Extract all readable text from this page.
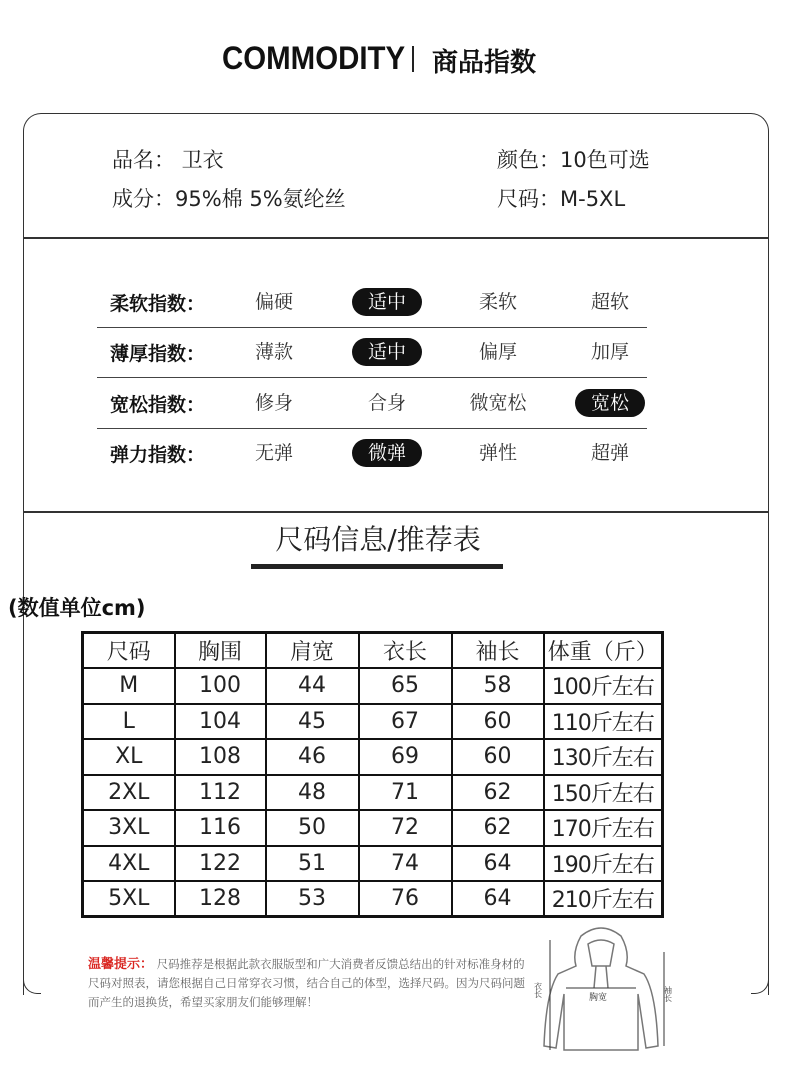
COMMODITY 商品指数
品名： 卫衣	颜色：10色可选
成分：95%棉 5%氨纶丝	尺码：M-5XL
柔软指数：	偏硬	适中	柔软	超软
薄厚指数：	薄款	适中	偏厚	加厚
宽松指数：	修身	合身	微宽松	宽松
弹力指数：	无弹	微弹	弹性	超弹
尺码信息/推荐表
(数值单位cm)
尺码	胸围	肩宽	衣长	袖长	体重（斤）
M	100	44	65	58	100斤左右
L	104	45	67	60	110斤左右
XL	108	46	69	60	130斤左右
2XL	112	48	71	62	150斤左右
3XL	116	50	72	62	170斤左右
4XL	122	51	74	64	190斤左右
5XL	128	53	76	64	210斤左右
温馨提示： 尺码推荐是根据此款衣服版型和广大消费者反馈总结出的针对标准身材的尺码对照表，请您根据自己日常穿衣习惯，结合自己的体型，选择尺码。因为尺码问题而产生的退换货，希望买家朋友们能够理解！	胸宽
衣长	袖长
